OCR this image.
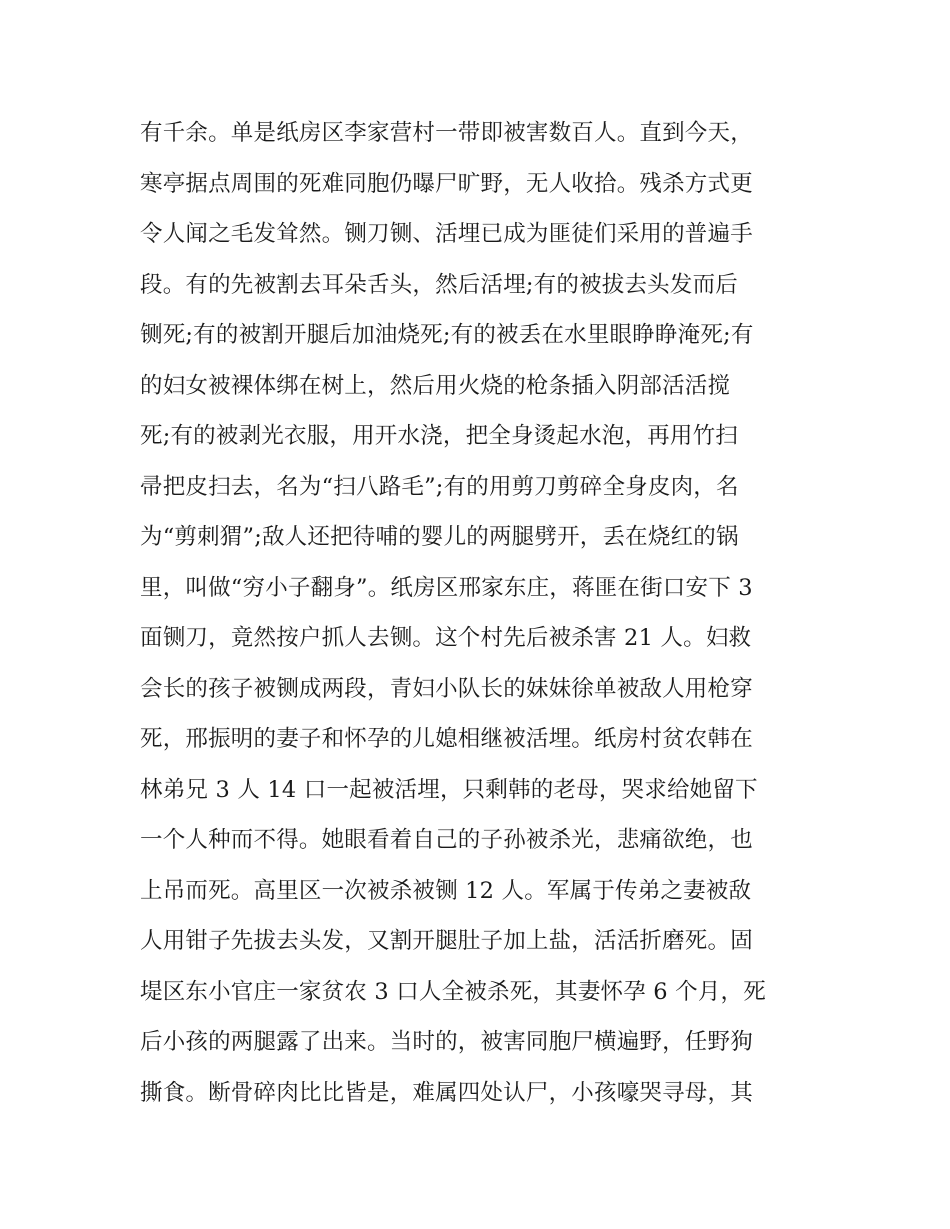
有千余。单是纸房区李家营村一带即被害数百人。直到今天，
寒亭据点周围的死难同胞仍曝尸旷野，无人收拾。残杀方式更
令人闻之毛发耸然。铡刀铡、活埋已成为匪徒们采用的普遍手
段。有的先被割去耳朵舌头，然后活埋;有的被拔去头发而后
铡死;有的被割开腿后加油烧死;有的被丢在水里眼睁睁淹死;有
的妇女被裸体绑在树上，然后用火烧的枪条插入阴部活活搅
死;有的被剥光衣服，用开水浇，把全身烫起水泡，再用竹扫
帚把皮扫去，名为“扫八路毛”;有的用剪刀剪碎全身皮肉，名
为“剪刺猬”;敌人还把待哺的婴儿的两腿劈开，丢在烧红的锅
里，叫做“穷小子翻身”。纸房区邢家东庄，蒋匪在街口安下 3
面铡刀，竟然按户抓人去铡。这个村先后被杀害 21 人。妇救
会长的孩子被铡成两段，青妇小队长的妹妹徐单被敌人用枪穿
死，邢振明的妻子和怀孕的儿媳相继被活埋。纸房村贫农韩在
林弟兄 3 人 14 口一起被活埋，只剩韩的老母，哭求给她留下
一个人种而不得。她眼看着自己的子孙被杀光，悲痛欲绝，也
上吊而死。高里区一次被杀被铡 12 人。军属于传弟之妻被敌
人用钳子先拔去头发，又割开腿肚子加上盐，活活折磨死。固
堤区东小官庄一家贫农 3 口人全被杀死，其妻怀孕 6 个月，死
后小孩的两腿露了出来。当时的，被害同胞尸横遍野，任野狗
撕食。断骨碎肉比比皆是，难属四处认尸，小孩嚎哭寻母，其
